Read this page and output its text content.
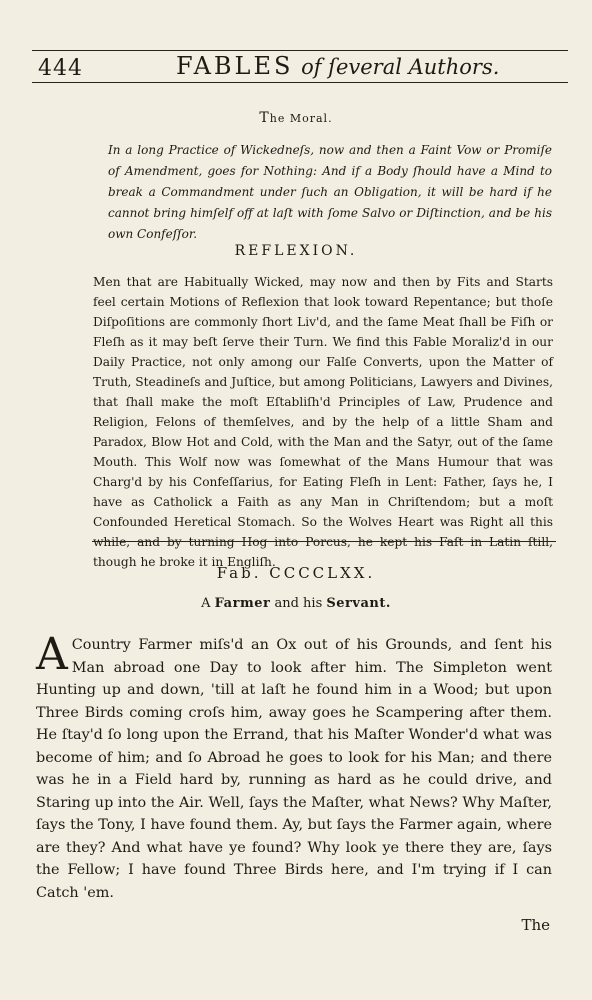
444	FABLES of ſeveral Authors.
The Moral.
In a long Practice of Wickedneſs, now and then a Faint Vow or Promiſe of Amendment, goes for Nothing: And if a Body ſhould have a Mind to break a Commandment under ſuch an Obligation, it will be hard if he cannot bring himſelf off at laſt with ſome Salvo or Diſtinction, and be his own Confeſſor.
REFLEXION.
Men that are Habitually Wicked, may now and then by Fits and Starts feel certain Motions of Reflexion that look toward Repentance; but thoſe Diſpoſitions are commonly ſhort Liv'd, and the ſame Meat ſhall be Fiſh or Fleſh as it may beſt ſerve their Turn. We find this Fable Moraliz'd in our Daily Practice, not only among our Falſe Converts, upon the Matter of Truth, Steadineſs and Juſtice, but among Politicians, Lawyers and Divines, that ſhall make the moſt Eſtabliſh'd Principles of Law, Prudence and Religion, Felons of themſelves, and by the help of a little Sham and Paradox, Blow Hot and Cold, with the Man and the Satyr, out of the ſame Mouth. This Wolf now was ſomewhat of the Mans Humour that was Charg'd by his Confeſſarius, for Eating Fleſh in Lent: Father, ſays he, I have as Catholick a Faith as any Man in Chriſtendom; but a moſt Confounded Heretical Stomach. So the Wolves Heart was Right all this while, and by turning Hog into Porcus, he kept his Faſt in Latin ſtill, though he broke it in Engliſh.
Fab. CCCCLXX.
A Farmer and his Servant.
A Country Farmer miſs'd an Ox out of his Grounds, and ſent his Man abroad one Day to look after him. The Simpleton went Hunting up and down, 'till at laſt he found him in a Wood; but upon Three Birds coming croſs him, away goes he Scampering after them. He ſtay'd ſo long upon the Errand, that his Maſter Wonder'd what was become of him; and ſo Abroad he goes to look for his Man; and there was he in a Field hard by, running as hard as he could drive, and Staring up into the Air. Well, ſays the Maſter, what News? Why Maſter, ſays the Tony, I have found them. Ay, but ſays the Farmer again, where are they? And what have ye found? Why look ye there they are, ſays the Fellow; I have found Three Birds here, and I'm trying if I can Catch 'em.
The
